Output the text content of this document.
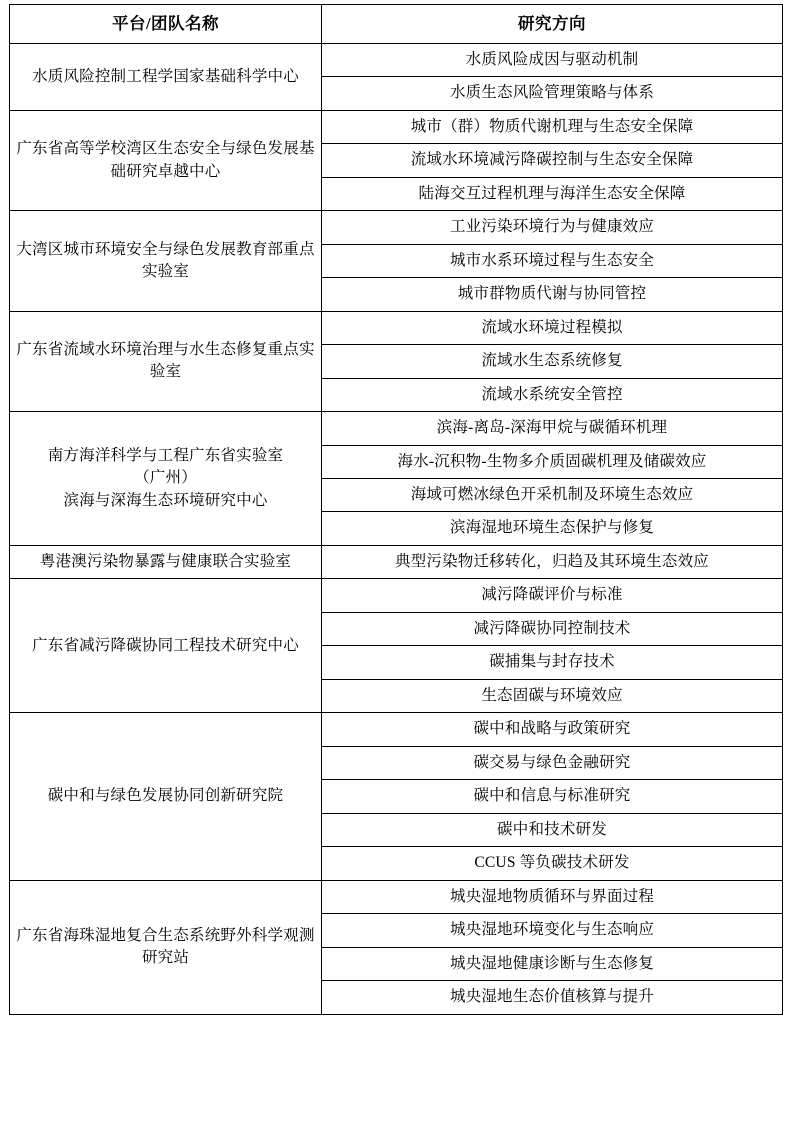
平台/团队名称	研究方向
水质风险控制工程学国家基础科学中心	水质风险成因与驱动机制
	水质生态风险管理策略与体系
广东省高等学校湾区生态安全与绿色发展基础研究卓越中心	城市（群）物质代谢机理与生态安全保障
	流域水环境减污降碳控制与生态安全保障
	陆海交互过程机理与海洋生态安全保障
大湾区城市环境安全与绿色发展教育部重点实验室	工业污染环境行为与健康效应
	城市水系环境过程与生态安全
	城市群物质代谢与协同管控
广东省流域水环境治理与水生态修复重点实验室	流域水环境过程模拟
	流域水生态系统修复
	流域水系统安全管控

南方海洋科学与工程广东省实验室
（广州）
滨海与深海生态环境研究中心	滨海-离岛-深海甲烷与碳循环机理
	海水-沉积物-生物多介质固碳机理及储碳效应
	海域可燃冰绿色开采机制及环境生态效应
	滨海湿地环境生态保护与修复
粤港澳污染物暴露与健康联合实验室	典型污染物迁移转化，归趋及其环境生态效应
广东省减污降碳协同工程技术研究中心	减污降碳评价与标准
	减污降碳协同控制技术
	碳捕集与封存技术
	生态固碳与环境效应
碳中和与绿色发展协同创新研究院	碳中和战略与政策研究
	碳交易与绿色金融研究
	碳中和信息与标准研究
	碳中和技术研发
	CCUS 等负碳技术研发
广东省海珠湿地复合生态系统野外科学观测研究站	城央湿地物质循环与界面过程
	城央湿地环境变化与生态响应
	城央湿地健康诊断与生态修复
	城央湿地生态价值核算与提升
